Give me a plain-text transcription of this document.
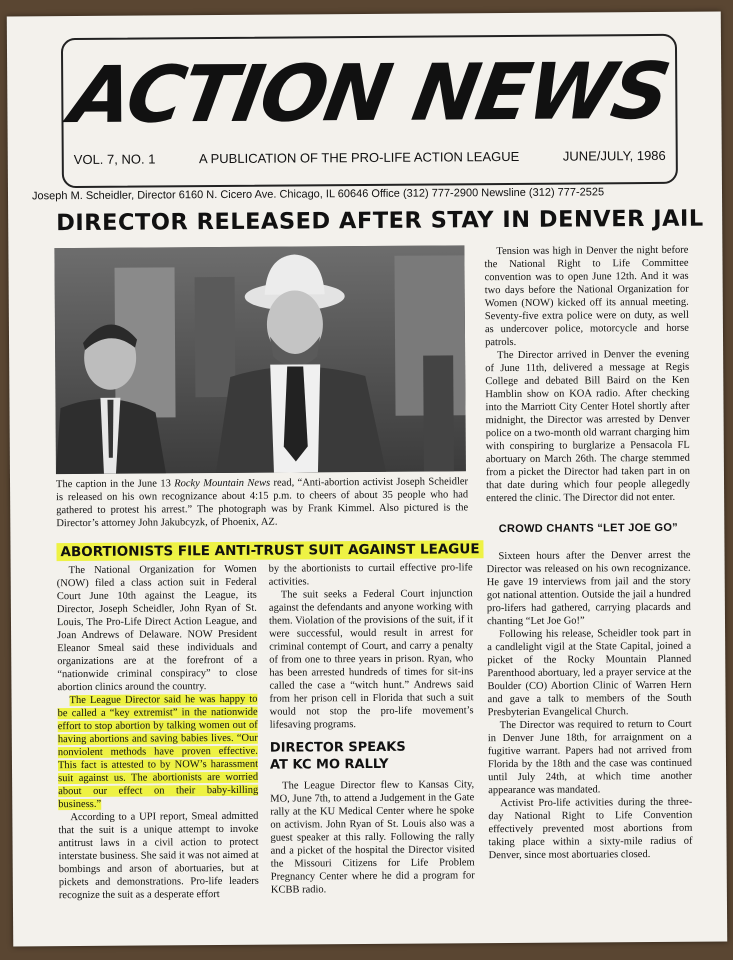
ACTION NEWS
VOL. 7, NO. 1	A PUBLICATION OF THE PRO-LIFE ACTION LEAGUE	JUNE/JULY, 1986
Joseph M. Scheidler, Director 6160 N. Cicero Ave. Chicago, IL 60646 Office (312) 777-2900 Newsline (312) 777-2525
DIRECTOR RELEASED AFTER STAY IN DENVER JAIL
The caption in the June 13 Rocky Mountain News read, “Anti-abortion activist Joseph Scheidler is released on his own recognizance about 4:15 p.m. to cheers of about 35 people who had gathered to protest his arrest.” The photograph was by Frank Kimmel. Also pictured is the Director’s attorney John Jakubcyzk, of Phoenix, AZ.

Tension was high in Denver the night before the National Right to Life Committee convention was to open June 12th. And it was two days before the National Organization for Women (NOW) kicked off its annual meeting. Seventy-five extra police were on duty, as well as undercover police, motorcycle and horse patrols.

The Director arrived in Denver the evening of June 11th, delivered a message at Regis College and debated Bill Baird on the Ken Hamblin show on KOA radio. After checking into the Marriott City Center Hotel shortly after midnight, the Director was arrested by Denver police on a two-month old warrant charging him with conspiring to burglarize a Pensacola FL abortuary on March 26th. The charge stemmed from a picket the Director had taken part in on that date during which four people allegedly entered the clinic. The Director did not enter.

CROWD CHANTS “LET JOE GO”

Sixteen hours after the Denver arrest the Director was released on his own recognizance. He gave 19 interviews from jail and the story got national attention. Outside the jail a hundred pro-lifers had gathered, carrying placards and chanting “Let Joe Go!”

Following his release, Scheidler took part in a candlelight vigil at the State Capital, joined a picket of the Rocky Mountain Planned Parenthood abortuary, led a prayer service at the Boulder (CO) Abortion Clinic of Warren Hern and gave a talk to members of the South Presbyterian Evangelical Church.

The Director was required to return to Court in Denver June 18th, for arraignment on a fugitive warrant. Papers had not arrived from Florida by the 18th and the case was continued until July 24th, at which time another appearance was mandated.

Activist Pro-life activities during the three-day National Right to Life Convention effectively prevented most abortions from taking place within a sixty-mile radius of Denver, since most abortuaries closed.

ABORTIONISTS FILE ANTI-TRUST SUIT AGAINST LEAGUE

The National Organization for Women (NOW) filed a class action suit in Federal Court June 10th against the League, its Director, Joseph Scheidler, John Ryan of St. Louis, The Pro-Life Direct Action League, and Joan Andrews of Delaware. NOW President Eleanor Smeal said these individuals and organizations are at the forefront of a “nationwide criminal conspiracy” to close abortion clinics around the country.

The League Director said he was happy to be called a “key extremist” in the nationwide effort to stop abortion by talking women out of having abortions and saving babies lives. “Our nonviolent methods have proven effective. This fact is attested to by NOW’s harassment suit against us. The abortionists are worried about our effect on their baby-killing business.”

According to a UPI report, Smeal admitted that the suit is a unique attempt to invoke antitrust laws in a civil action to protect interstate business. She said it was not aimed at bombings and arson of abortuaries, but at pickets and demonstrations. Pro-life leaders recognize the suit as a desperate effort

by the abortionists to curtail effective pro-life activities.

The suit seeks a Federal Court injunction against the defendants and anyone working with them. Violation of the provisions of the suit, if it were successful, would result in arrest for criminal contempt of Court, and carry a penalty of from one to three years in prison. Ryan, who has been arrested hundreds of times for sit-ins called the case a “witch hunt.” Andrews said from her prison cell in Florida that such a suit would not stop the pro-life movement’s lifesaving programs.

DIRECTOR SPEAKS
AT KC MO RALLY

The League Director flew to Kansas City, MO, June 7th, to attend a Judgement in the Gate rally at the KU Medical Center where he spoke on activism. John Ryan of St. Louis also was a guest speaker at this rally. Following the rally and a picket of the hospital the Director visited the Missouri Citizens for Life Problem Pregnancy Center where he did a program for KCBB radio.
